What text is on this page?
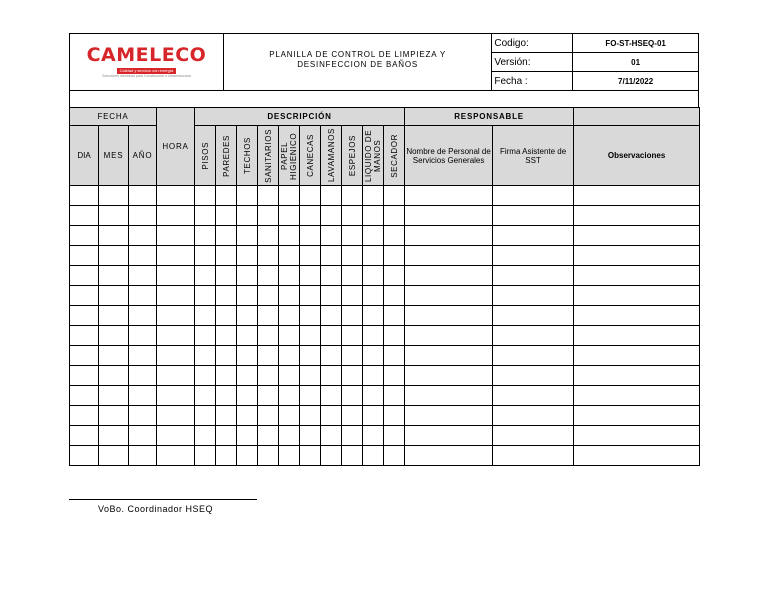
CAMELECO
Calidad y servicio con energía
Soluciones eléctricas para Construcción e Infraestructura	PLANILLA DE CONTROL DE LIMPIEZA Y DESINFECCION DE BAÑOS	Codigo:	FO-ST-HSEQ-01
		Versión:	01
		Fecha :	7/11/2022

FECHA			HORA	DESCRIPCIÓN										RESPONSABLE		
DIA	MES	AÑO		PISOS	PAREDES	TECHOS	SANITARIOS	PAPEL HIGIENICO	CANECAS	LAVAMANOS	ESPEJOS	LIQUIDO DE MANOS	SECADOR	Nombre de Personal de Servicios Generales	Firma Asistente de SST	Observaciones

VoBo. Coordinador HSEQ
